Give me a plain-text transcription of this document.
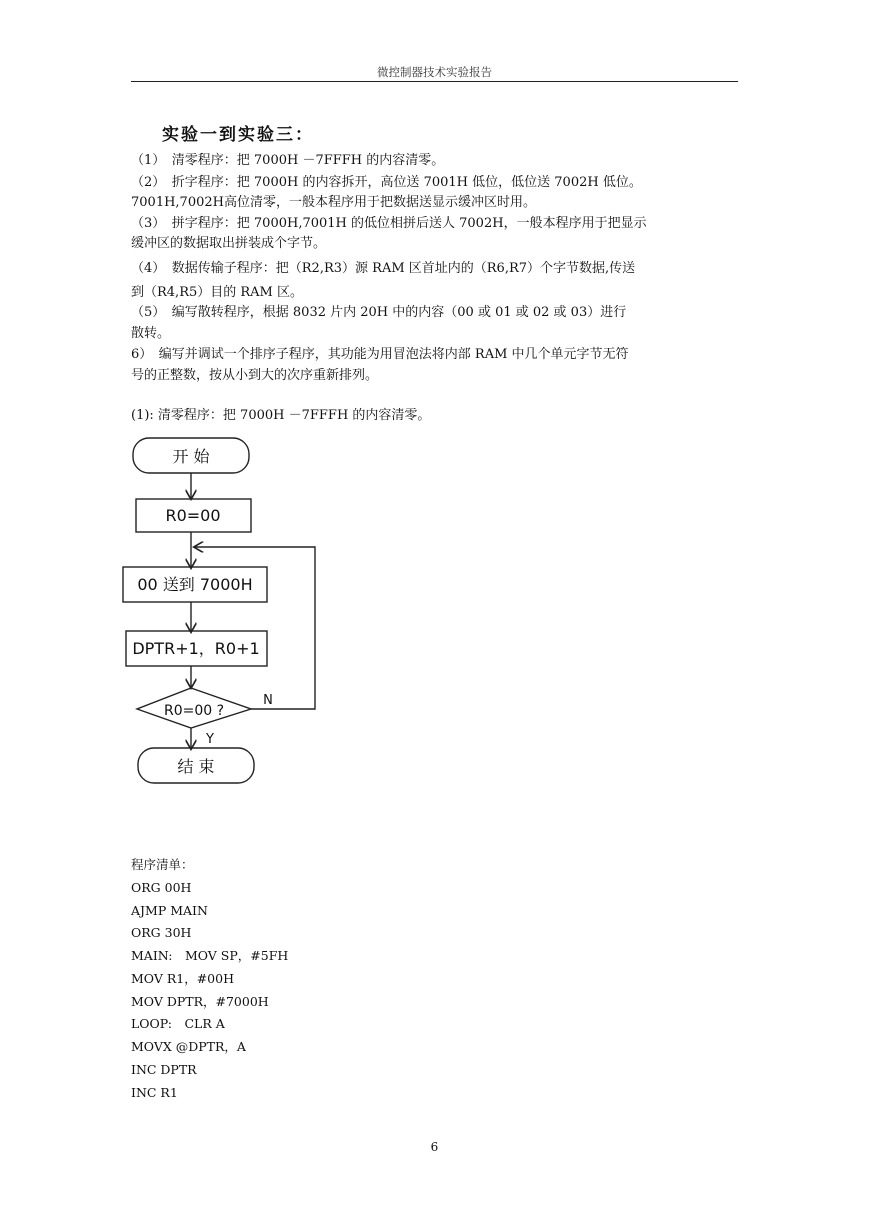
微控制器技术实验报告
实验一到实验三：
（1）　清零程序：把 7000H －7FFFH 的内容清零。
（2）　折字程序：把 7000H 的内容拆开，高位送 7001H 低位，低位送 7002H 低位。
7001H,7002H高位清零，一般本程序用于把数据送显示缓冲区时用。
（3）　拼字程序：把 7000H,7001H 的低位相拼后送人 7002H，一般本程序用于把显示
缓冲区的数据取出拼装成个字节。
（4）　数据传输子程序：把（R2,R3）源 RAM 区首址内的（R6,R7）个字节数据,传送
到（R4,R5）目的 RAM 区。
（5）　编写散转程序，根据 8032 片内 20H 中的内容（00 或 01 或 02 或 03）进行
散转。
6）　编写并调试一个排序子程序，其功能为用冒泡法将内部 RAM 中几个单元字节无符
号的正整数，按从小到大的次序重新排列。
(1): 清零程序：把 7000H －7FFFH 的内容清零。
开 始
R0=00
00 送到 7000H
DPTR+1，R0+1
R0=00 ?
N
Y
结 束
程序清单：
ORG 00H
AJMP MAIN
ORG 30H
MAIN:　MOV SP，#5FH
MOV R1，#00H
MOV DPTR，#7000H
LOOP:　CLR A
MOVX @DPTR，A
INC DPTR
INC R1
6
